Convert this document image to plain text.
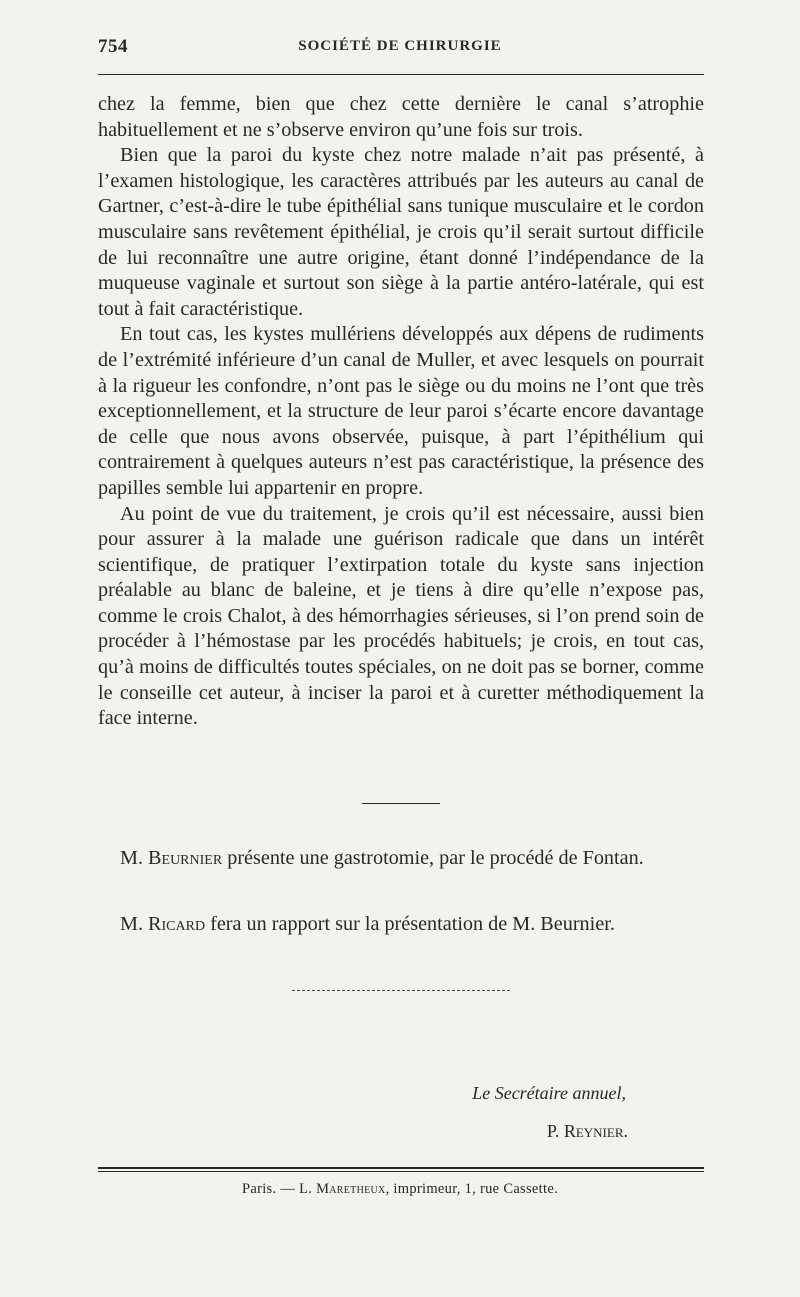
754	SOCIÉTÉ DE CHIRURGIE

chez la femme, bien que chez cette dernière le canal s’atrophie habituellement et ne s’observe environ qu’une fois sur trois.

Bien que la paroi du kyste chez notre malade n’ait pas présenté, à l’examen histologique, les caractères attribués par les auteurs au canal de Gartner, c’est-à-dire le tube épithélial sans tunique musculaire et le cordon musculaire sans revêtement épithélial, je crois qu’il serait surtout difficile de lui reconnaître une autre origine, étant donné l’indépendance de la muqueuse vaginale et surtout son siège à la partie antéro-latérale, qui est tout à fait caractéristique.

En tout cas, les kystes mullériens développés aux dépens de rudiments de l’extrémité inférieure d’un canal de Muller, et avec lesquels on pourrait à la rigueur les confondre, n’ont pas le siège ou du moins ne l’ont que très exceptionnellement, et la structure de leur paroi s’écarte encore davantage de celle que nous avons observée, puisque, à part l’épithélium qui contrairement à quelques auteurs n’est pas caractéristique, la présence des papilles semble lui appartenir en propre.

Au point de vue du traitement, je crois qu’il est nécessaire, aussi bien pour assurer à la malade une guérison radicale que dans un intérêt scientifique, de pratiquer l’extirpation totale du kyste sans injection préalable au blanc de baleine, et je tiens à dire qu’elle n’expose pas, comme le crois Chalot, à des hémorrhagies sérieuses, si l’on prend soin de procéder à l’hémostase par les procédés habituels; je crois, en tout cas, qu’à moins de difficultés toutes spéciales, on ne doit pas se borner, comme le conseille cet auteur, à inciser la paroi et à curetter méthodiquement la face interne.

M. Beurnier présente une gastrotomie, par le procédé de Fontan.

M. Ricard fera un rapport sur la présentation de M. Beurnier.

Le Secrétaire annuel,
P. Reynier.
Paris. — L. Maretheux, imprimeur, 1, rue Cassette.
